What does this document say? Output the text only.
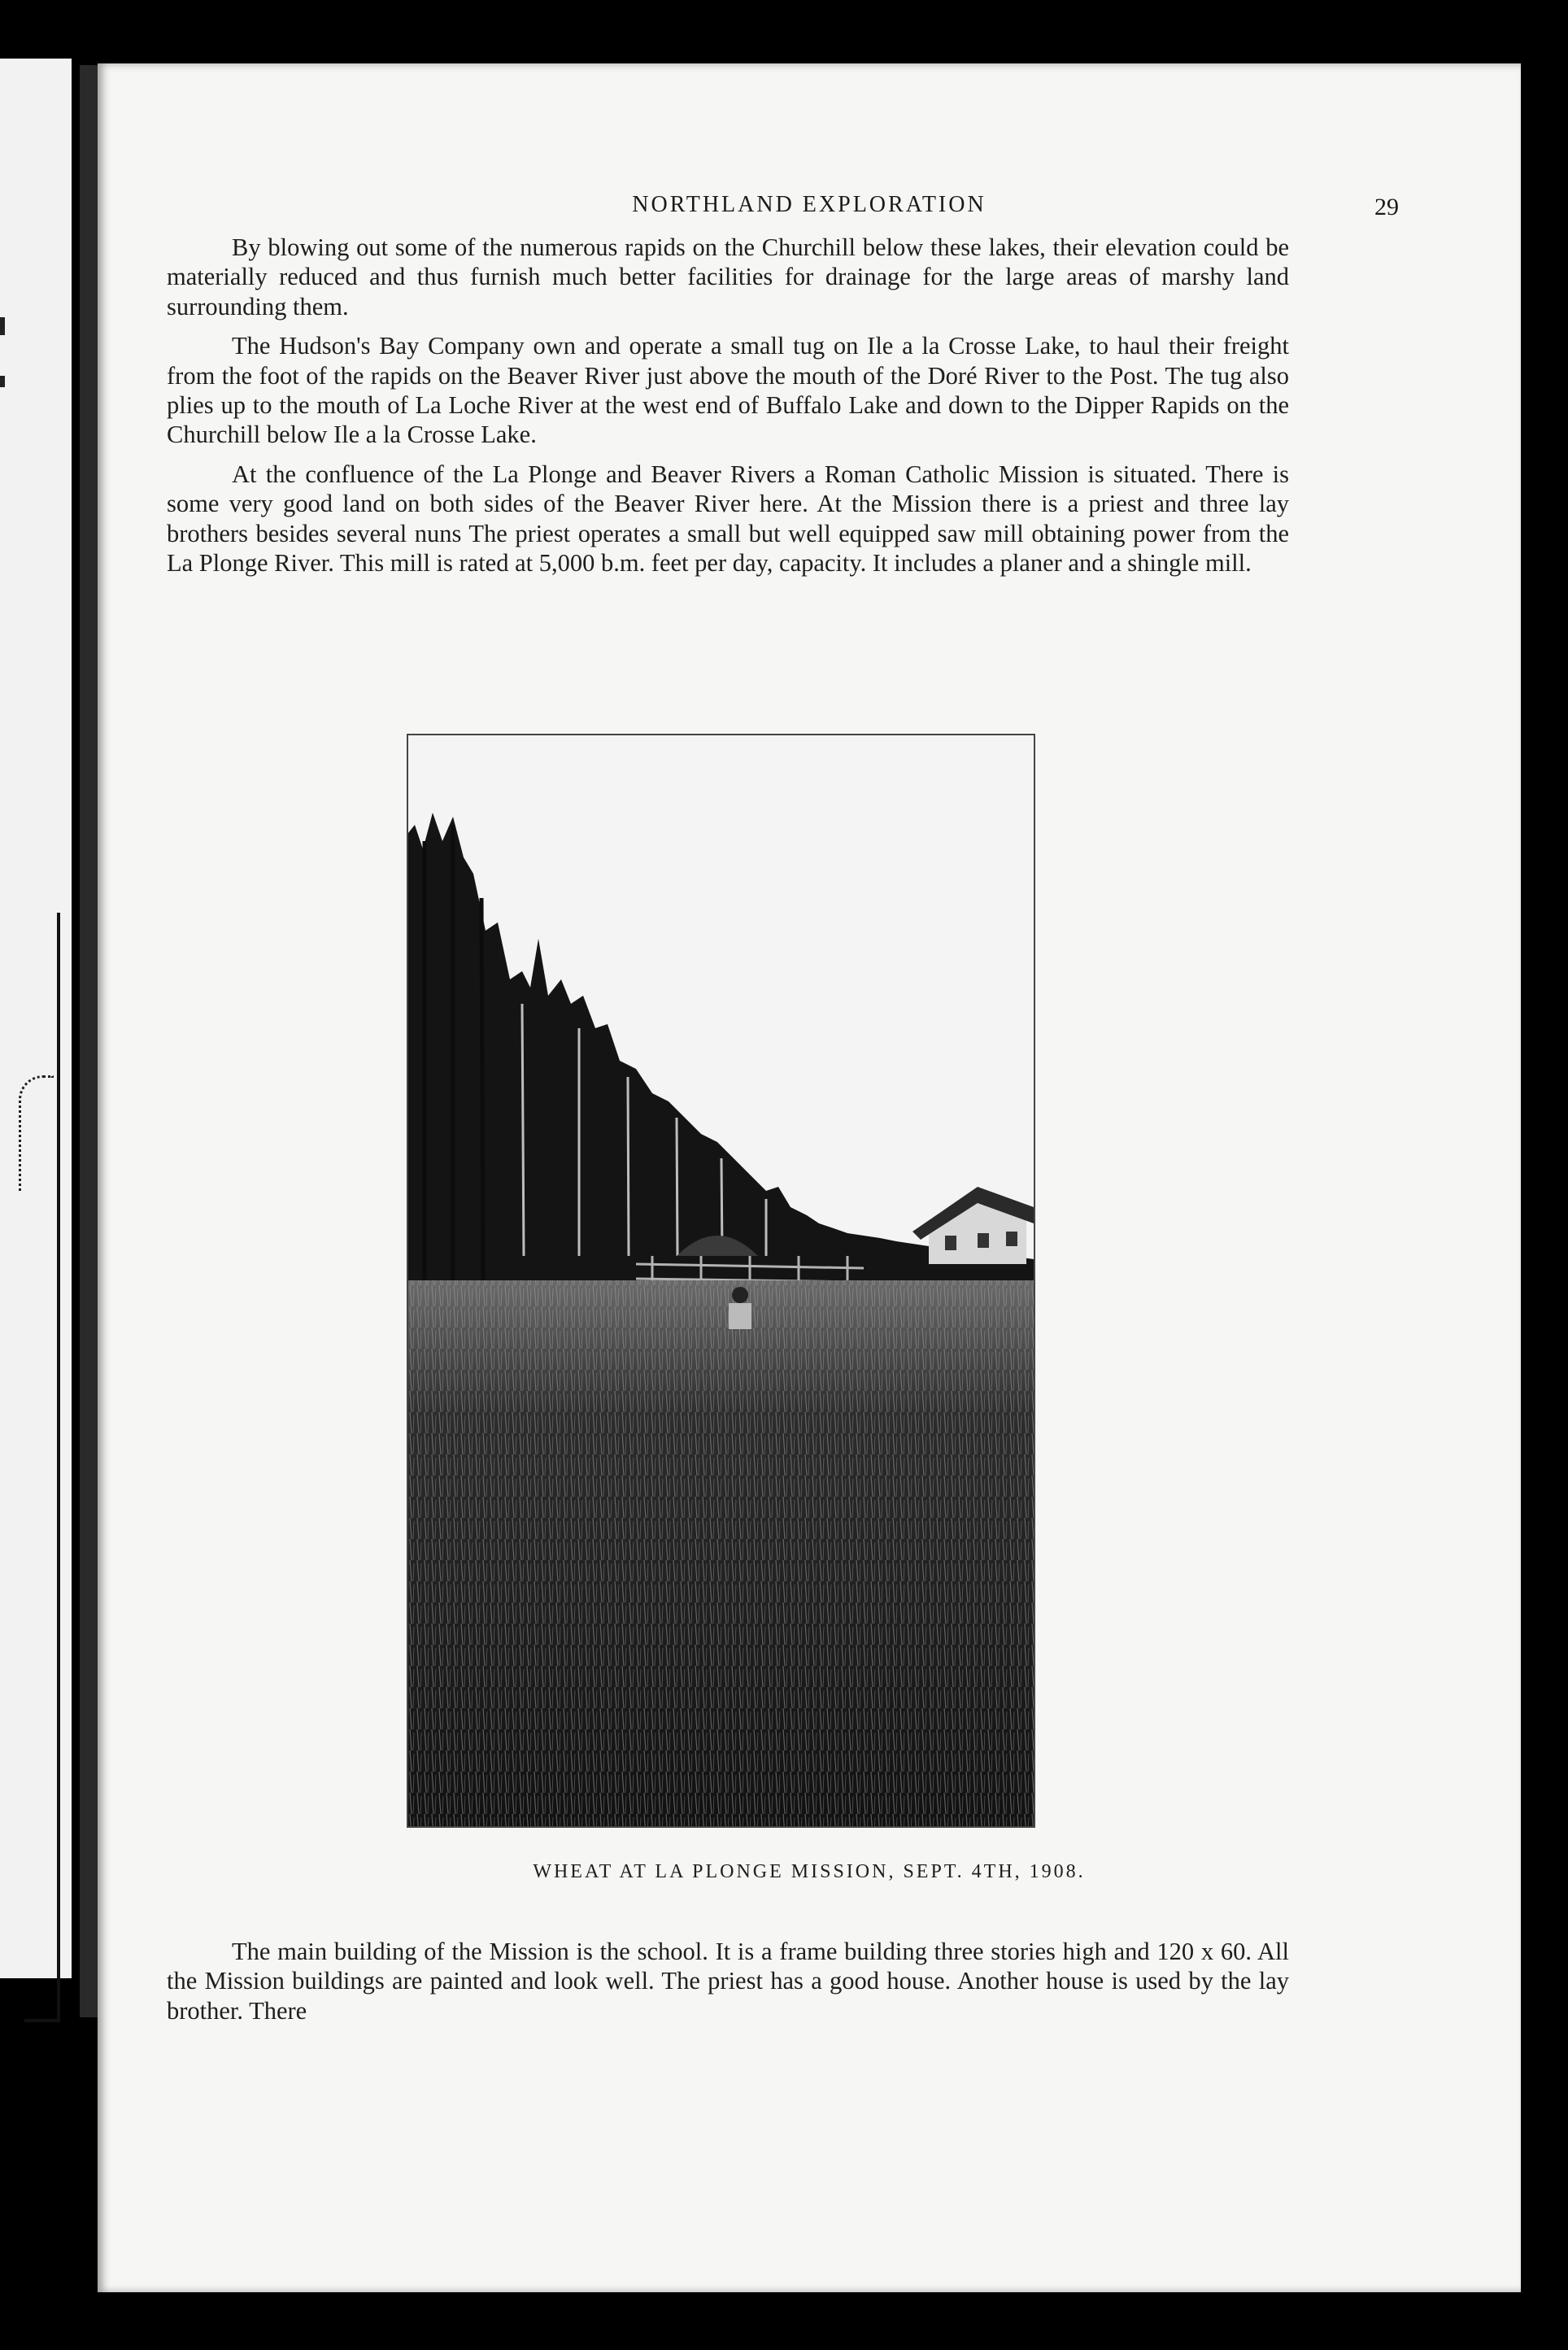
NORTHLAND EXPLORATION	29

By blowing out some of the numerous rapids on the Churchill below these lakes, their elevation could be materially reduced and thus furnish much better facilities for drainage for the large areas of marshy land surrounding them.

The Hudson's Bay Company own and operate a small tug on Ile a la Crosse Lake, to haul their freight from the foot of the rapids on the Beaver River just above the mouth of the Doré River to the Post. The tug also plies up to the mouth of La Loche River at the west end of Buffalo Lake and down to the Dipper Rapids on the Churchill below Ile a la Crosse Lake.

At the confluence of the La Plonge and Beaver Rivers a Roman Catholic Mission is situated. There is some very good land on both sides of the Beaver River here. At the Mission there is a priest and three lay brothers besides several nuns The priest operates a small but well equipped saw mill obtaining power from the La Plonge River. This mill is rated at 5,000 b.m. feet per day, capacity. It includes a planer and a shingle mill.

WHEAT AT LA PLONGE MISSION, SEPT. 4TH, 1908.

The main building of the Mission is the school. It is a frame building three stories high and 120 x 60. All the Mission buildings are painted and look well. The priest has a good house. Another house is used by the lay brother. There
